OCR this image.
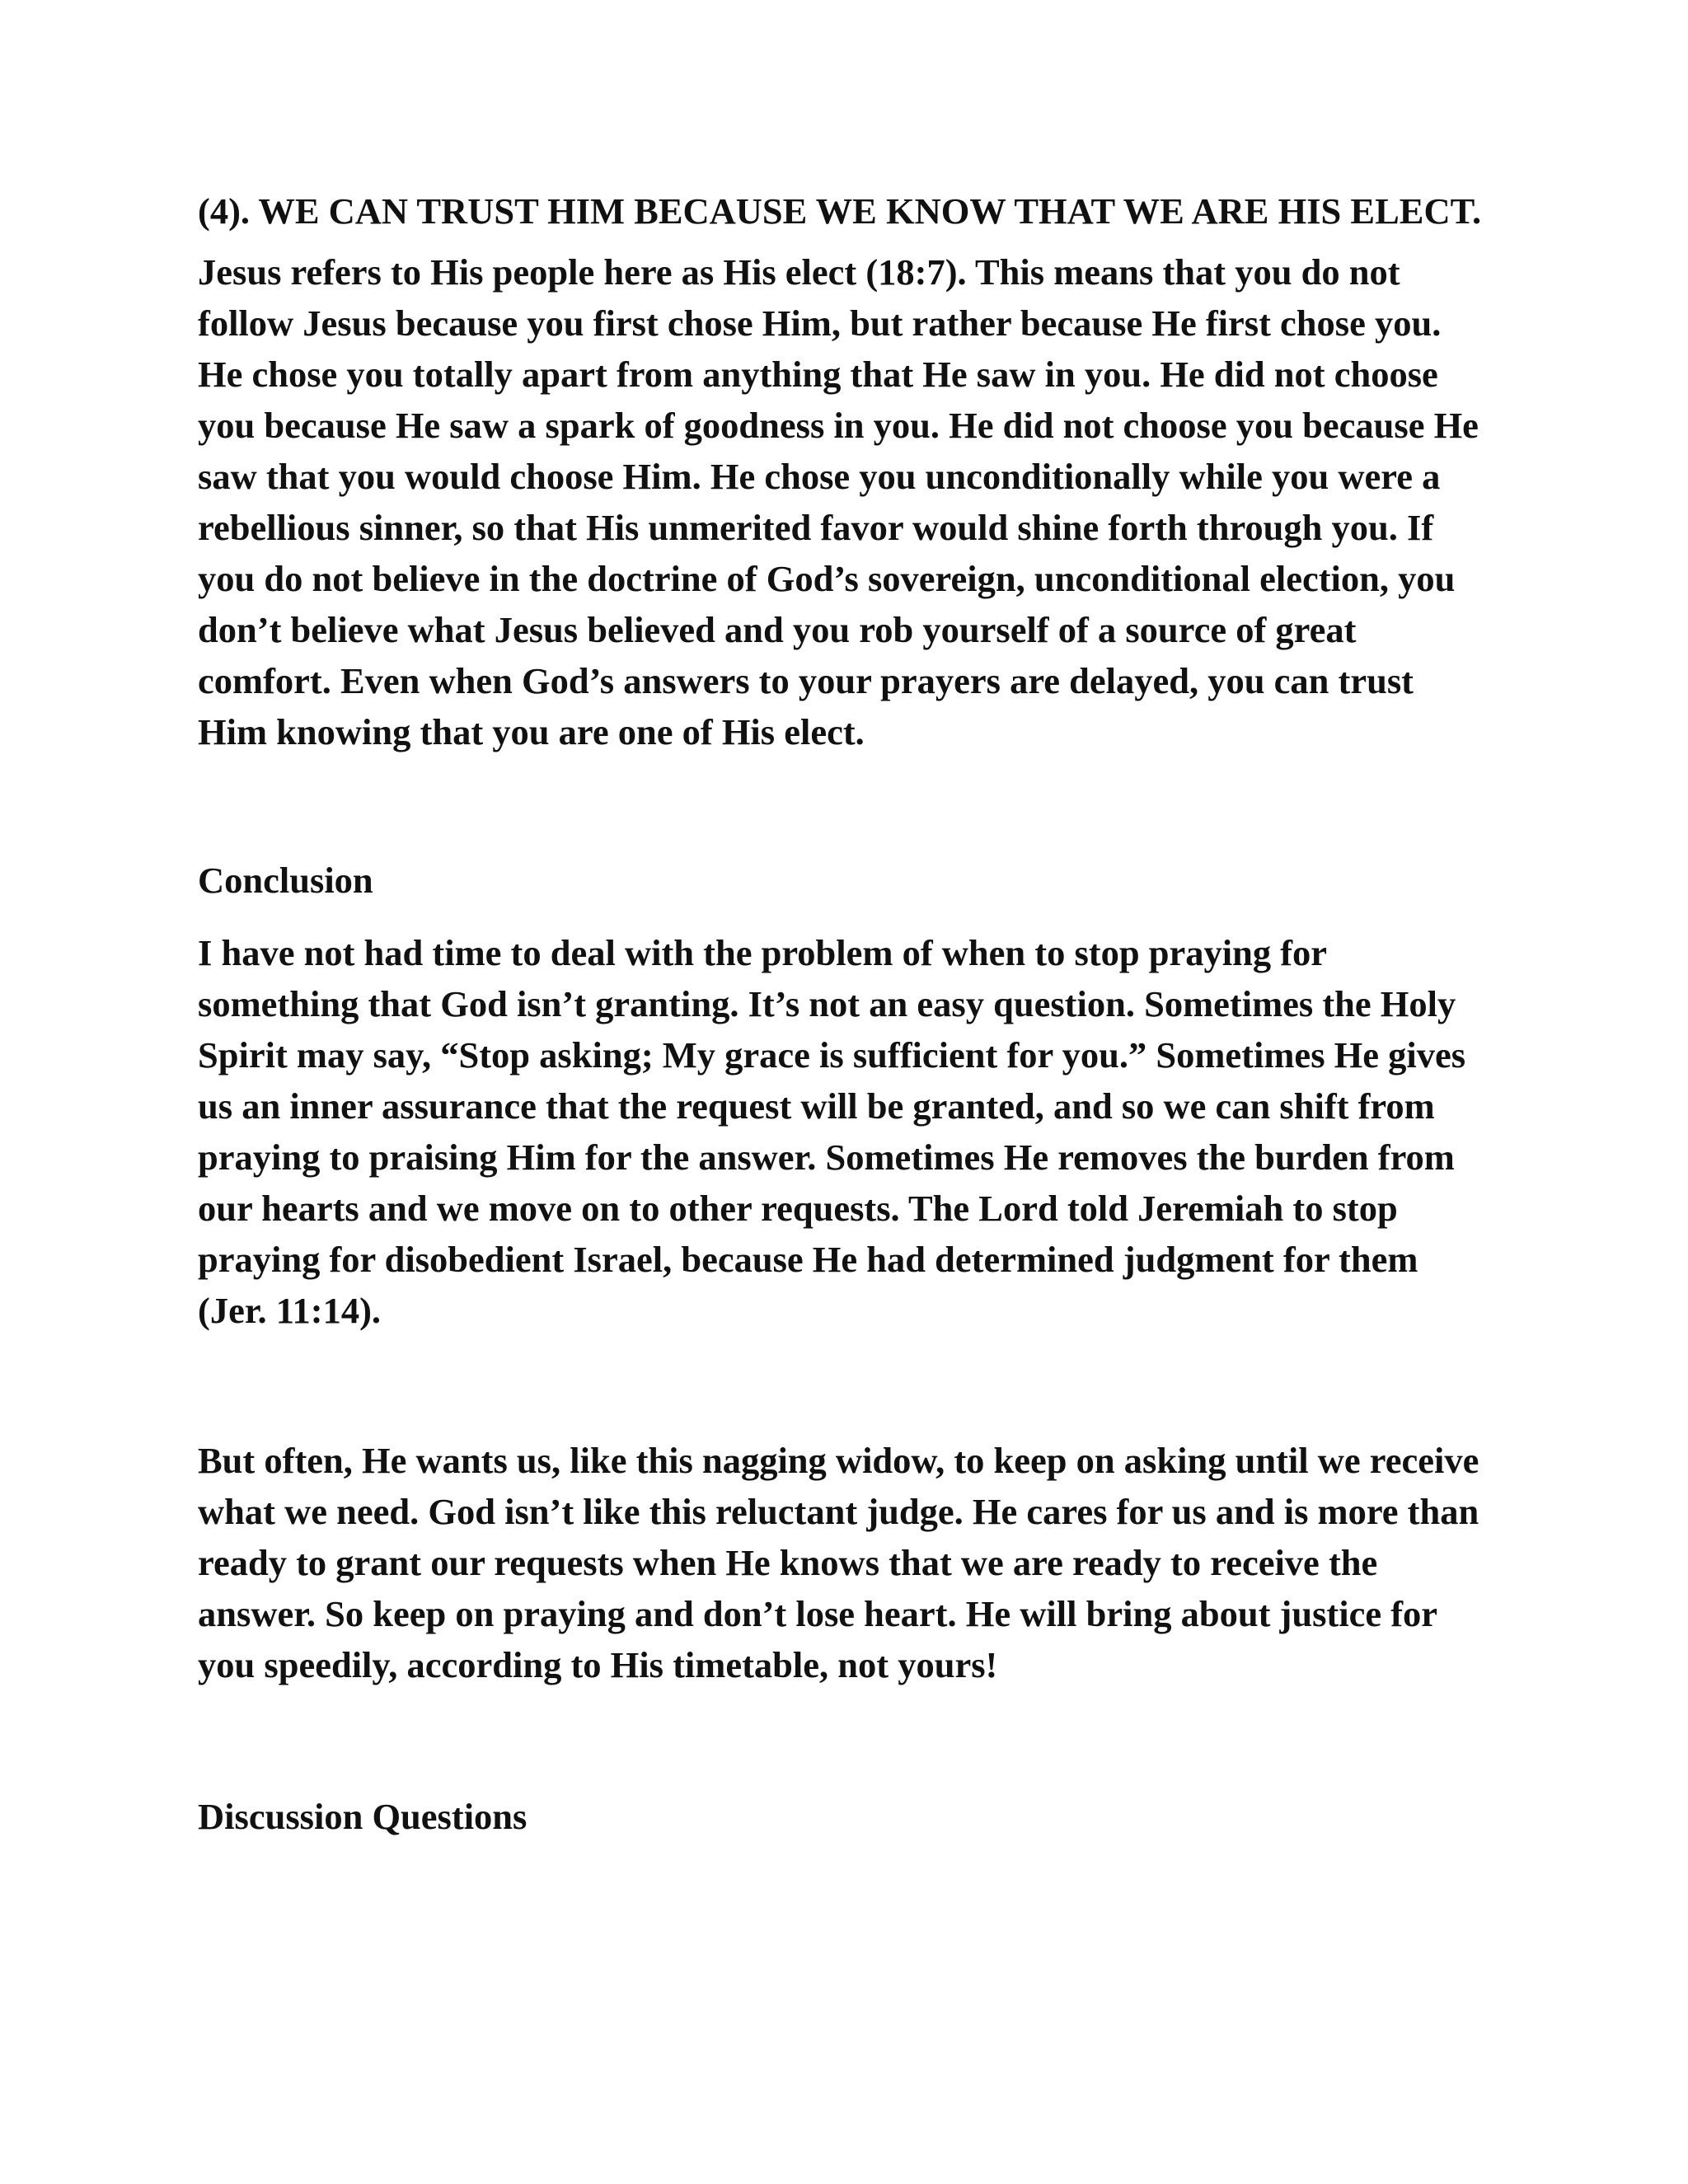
(4). WE CAN TRUST HIM BECAUSE WE KNOW THAT WE ARE HIS ELECT.

Jesus refers to His people here as His elect (18:7). This means that you do not follow Jesus because you first chose Him, but rather because He first chose you. He chose you totally apart from anything that He saw in you. He did not choose you because He saw a spark of goodness in you. He did not choose you because He saw that you would choose Him. He chose you unconditionally while you were a rebellious sinner, so that His unmerited favor would shine forth through you. If you do not believe in the doctrine of God’s sovereign, unconditional election, you don’t believe what Jesus believed and you rob yourself of a source of great comfort. Even when God’s answers to your prayers are delayed, you can trust Him knowing that you are one of His elect.

Conclusion

I have not had time to deal with the problem of when to stop praying for something that God isn’t granting. It’s not an easy question. Sometimes the Holy Spirit may say, “Stop asking; My grace is sufficient for you.” Sometimes He gives us an inner assurance that the request will be granted, and so we can shift from praying to praising Him for the answer. Sometimes He removes the burden from our hearts and we move on to other requests. The Lord told Jeremiah to stop praying for disobedient Israel, because He had determined judgment for them (Jer. 11:14).

But often, He wants us, like this nagging widow, to keep on asking until we receive what we need. God isn’t like this reluctant judge. He cares for us and is more than ready to grant our requests when He knows that we are ready to receive the answer. So keep on praying and don’t lose heart. He will bring about justice for you speedily, according to His timetable, not yours!

Discussion Questions
